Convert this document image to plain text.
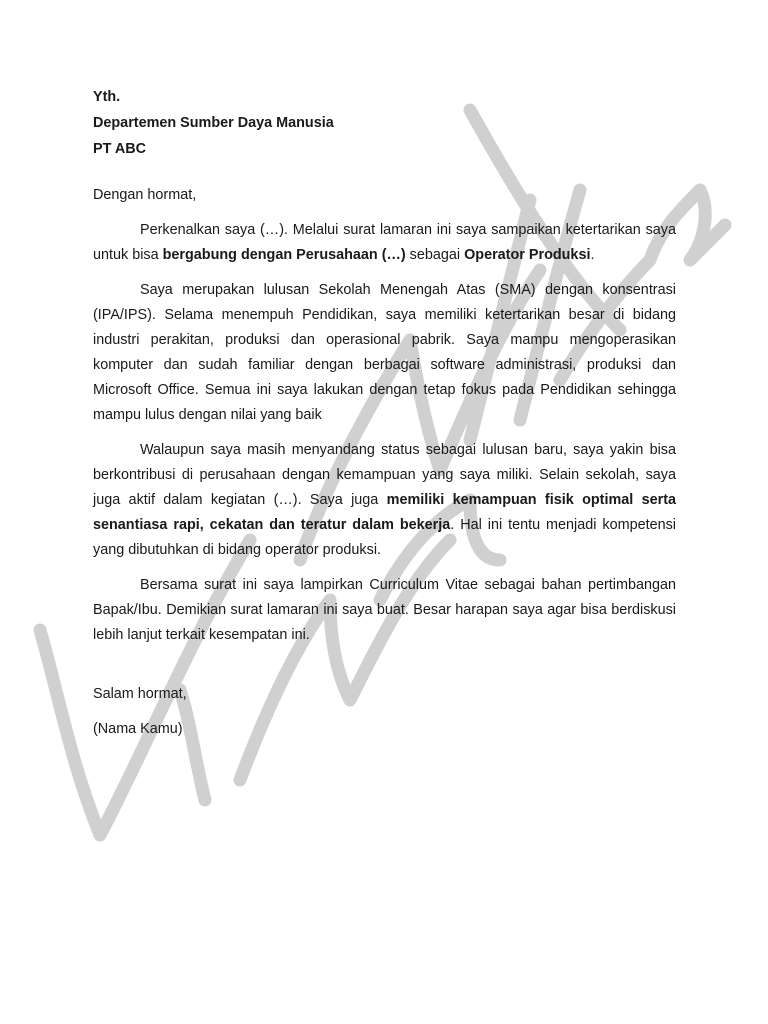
Yth.

Departemen Sumber Daya Manusia

PT ABC

Dengan hormat,

Perkenalkan saya (…). Melalui surat lamaran ini saya sampaikan ketertarikan saya untuk bisa bergabung dengan Perusahaan (…) sebagai Operator Produksi.

Saya merupakan lulusan Sekolah Menengah Atas (SMA) dengan konsentrasi (IPA/IPS). Selama menempuh Pendidikan, saya memiliki ketertarikan besar di bidang industri perakitan, produksi dan operasional pabrik. Saya mampu mengoperasikan komputer dan sudah familiar dengan berbagai software administrasi, produksi dan Microsoft Office. Semua ini saya lakukan dengan tetap fokus pada Pendidikan sehingga mampu lulus dengan nilai yang baik

Walaupun saya masih menyandang status sebagai lulusan baru, saya yakin bisa berkontribusi di perusahaan dengan kemampuan yang saya miliki. Selain sekolah, saya juga aktif dalam kegiatan (…). Saya juga memiliki kemampuan fisik optimal serta senantiasa rapi, cekatan dan teratur dalam bekerja. Hal ini tentu menjadi kompetensi yang dibutuhkan di bidang operator produksi.

Bersama surat ini saya lampirkan Curriculum Vitae sebagai bahan pertimbangan Bapak/Ibu. Demikian surat lamaran ini saya buat. Besar harapan saya agar bisa berdiskusi lebih lanjut terkait kesempatan ini.

Salam hormat,

(Nama Kamu)
